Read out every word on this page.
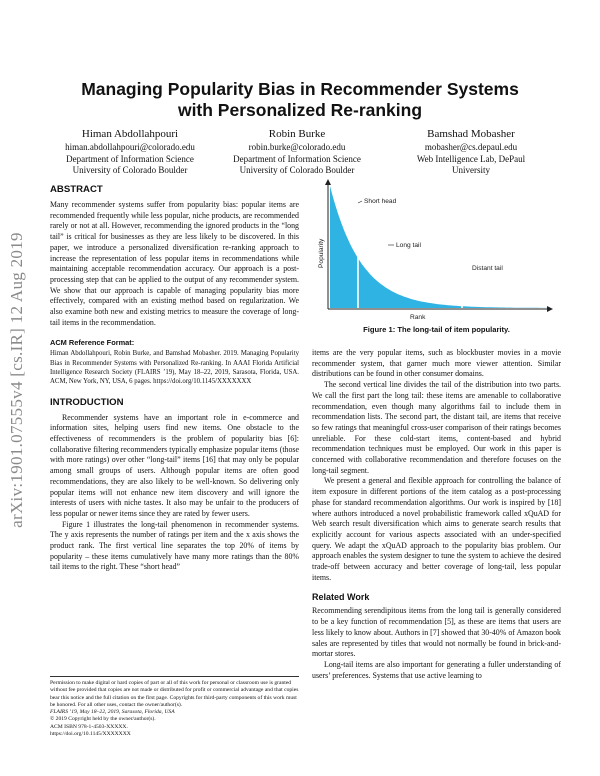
arXiv:1901.07555v4 [cs.IR] 12 Aug 2019
Managing Popularity Bias in Recommender Systems
with Personalized Re-ranking
Himan Abdollahpouri
himan.abdollahpouri@colorado.edu
Department of Information Science
University of Colorado Boulder
Robin Burke
robin.burke@colorado.edu
Department of Information Science
University of Colorado Boulder
Bamshad Mobasher
mobasher@cs.depaul.edu
Web Intelligence Lab, DePaul
University
ABSTRACT

Many recommender systems suffer from popularity bias: popular items are recommended frequently while less popular, niche products, are recommended rarely or not at all. However, recommending the ignored products in the “long tail” is critical for businesses as they are less likely to be discovered. In this paper, we introduce a personalized diversification re-ranking approach to increase the representation of less popular items in recommendations while maintaining acceptable recommendation accuracy. Our approach is a post-processing step that can be applied to the output of any recommender system. We show that our approach is capable of managing popularity bias more effectively, compared with an existing method based on regularization. We also examine both new and existing metrics to measure the coverage of long-tail items in the recommendation.

ACM Reference Format:

Himan Abdollahpouri, Robin Burke, and Bamshad Mobasher. 2019. Managing Popularity Bias in Recommender Systems with Personalized Re-ranking. In AAAI Florida Artificial Intelligence Research Society (FLAIRS ’19), May 18–22, 2019, Sarasota, Florida, USA. ACM, New York, NY, USA, 6 pages. https://doi.org/10.1145/XXXXXXX

INTRODUCTION

Recommender systems have an important role in e-commerce and information sites, helping users find new items. One obstacle to the effectiveness of recommenders is the problem of popularity bias [6]: collaborative filtering recommenders typically emphasize popular items (those with more ratings) over other “long-tail” items [16] that may only be popular among small groups of users. Although popular items are often good recommendations, they are also likely to be well-known. So delivering only popular items will not enhance new item discovery and will ignore the interests of users with niche tastes. It also may be unfair to the producers of less popular or newer items since they are rated by fewer users.

Figure 1 illustrates the long-tail phenomenon in recommender systems. The y axis represents the number of ratings per item and the x axis shows the product rank. The first vertical line separates the top 20% of items by popularity – these items cumulatively have many more ratings than the 80% tail items to the right. These “short head”

Permission to make digital or hard copies of part or all of this work for personal or classroom use is granted without fee provided that copies are not made or distributed for profit or commercial advantage and that copies bear this notice and the full citation on the first page. Copyrights for third-party components of this work must be honored. For all other uses, contact the owner/author(s).

FLAIRS ’19, May 18–22, 2019, Sarasota, Florida, USA

© 2019 Copyright held by the owner/author(s).

ACM ISBN 978-1-4503-XXXXX.

https://doi.org/10.1145/XXXXXXX

Popularity
Rank
Short head
Long tail
Distant tail
Figure 1: The long-tail of item popularity.

items are the very popular items, such as blockbuster movies in a movie recommender system, that garner much more viewer attention. Similar distributions can be found in other consumer domains.

The second vertical line divides the tail of the distribution into two parts. We call the first part the long tail: these items are amenable to collaborative recommendation, even though many algorithms fail to include them in recommendation lists. The second part, the distant tail, are items that receive so few ratings that meaningful cross-user comparison of their ratings becomes unreliable. For these cold-start items, content-based and hybrid recommendation techniques must be employed. Our work in this paper is concerned with collaborative recommendation and therefore focuses on the long-tail segment.

We present a general and flexible approach for controlling the balance of item exposure in different portions of the item catalog as a post-processing phase for standard recommendation algorithms. Our work is inspired by [18] where authors introduced a novel probabilistic framework called xQuAD for Web search result diversification which aims to generate search results that explicitly account for various aspects associated with an under-specified query. We adapt the xQuAD approach to the popularity bias problem. Our approach enables the system designer to tune the system to achieve the desired trade-off between accuracy and better coverage of long-tail, less popular items.

Related Work

Recommending serendipitous items from the long tail is generally considered to be a key function of recommendation [5], as these are items that users are less likely to know about. Authors in [7] showed that 30-40% of Amazon book sales are represented by titles that would not normally be found in brick-and-mortar stores.

Long-tail items are also important for generating a fuller understanding of users’ preferences. Systems that use active learning to
